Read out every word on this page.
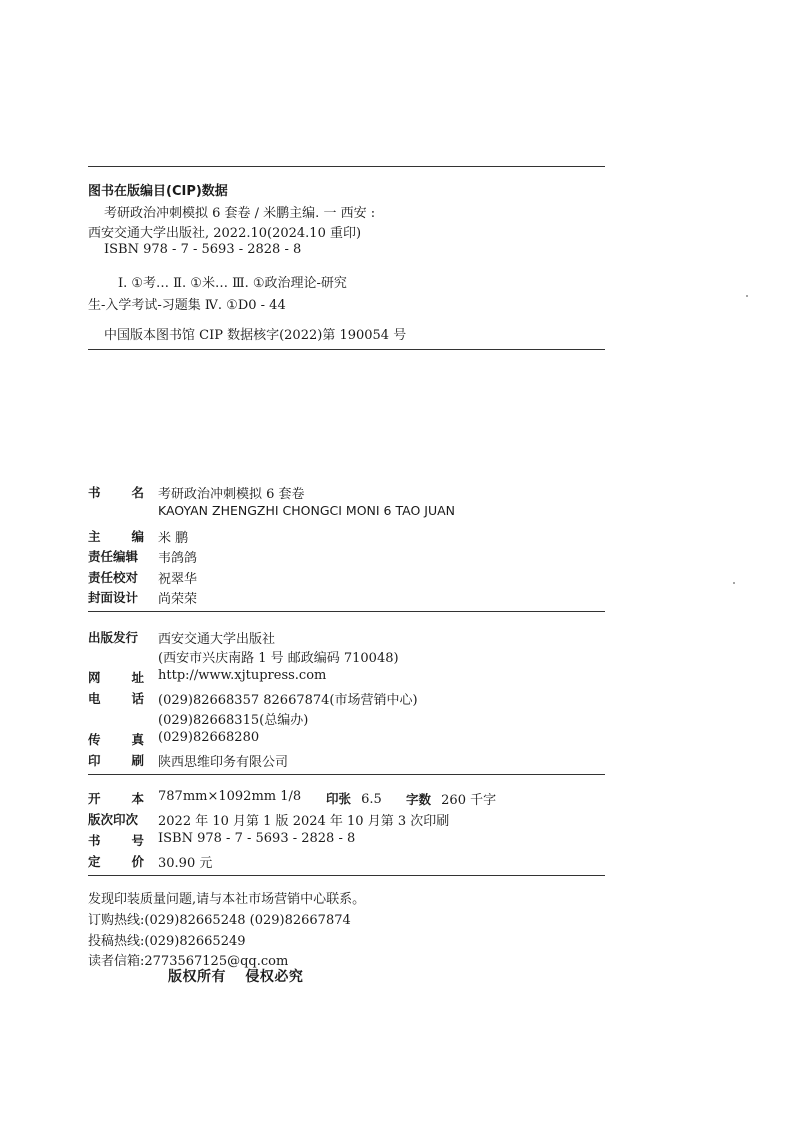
图书在版编目(CIP)数据
考研政治冲刺模拟 6 套卷 / 米鹏主编. 一 西安 :
西安交通大学出版社, 2022.10(2024.10 重印)
ISBN 978 - 7 - 5693 - 2828 - 8
Ⅰ. ①考… Ⅱ. ①米… Ⅲ. ①政治理论-研究
生-入学考试-习题集 Ⅳ. ①D0 - 44
中国版本图书馆 CIP 数据核字(2022)第 190054 号
书 名 考研政治冲刺模拟 6 套卷
KAOYAN ZHENGZHI CHONGCI MONI 6 TAO JUAN
主 编 米 鹏
责任编辑	韦鸽鸽
责任校对	祝翠华
封面设计	尚荣荣
出版发行	西安交通大学出版社
(西安市兴庆南路 1 号 邮政编码 710048)
网 址 http://www.xjtupress.com
电 话 (029)82668357 82667874(市场营销中心)
(029)82668315(总编办)
传 真 (029)82668280
印 刷 陕西思维印务有限公司
开 本 787mm×1092mm 1/8 印张 6.5 字数 260 千字
版次印次	2022 年 10 月第 1 版 2024 年 10 月第 3 次印刷
书 号 ISBN 978 - 7 - 5693 - 2828 - 8
定 价 30.90 元
发现印装质量问题,请与本社市场营销中心联系。
订购热线:(029)82665248 (029)82667874
投稿热线:(029)82665249
读者信箱:2773567125@qq.com
版权所有 侵权必究
